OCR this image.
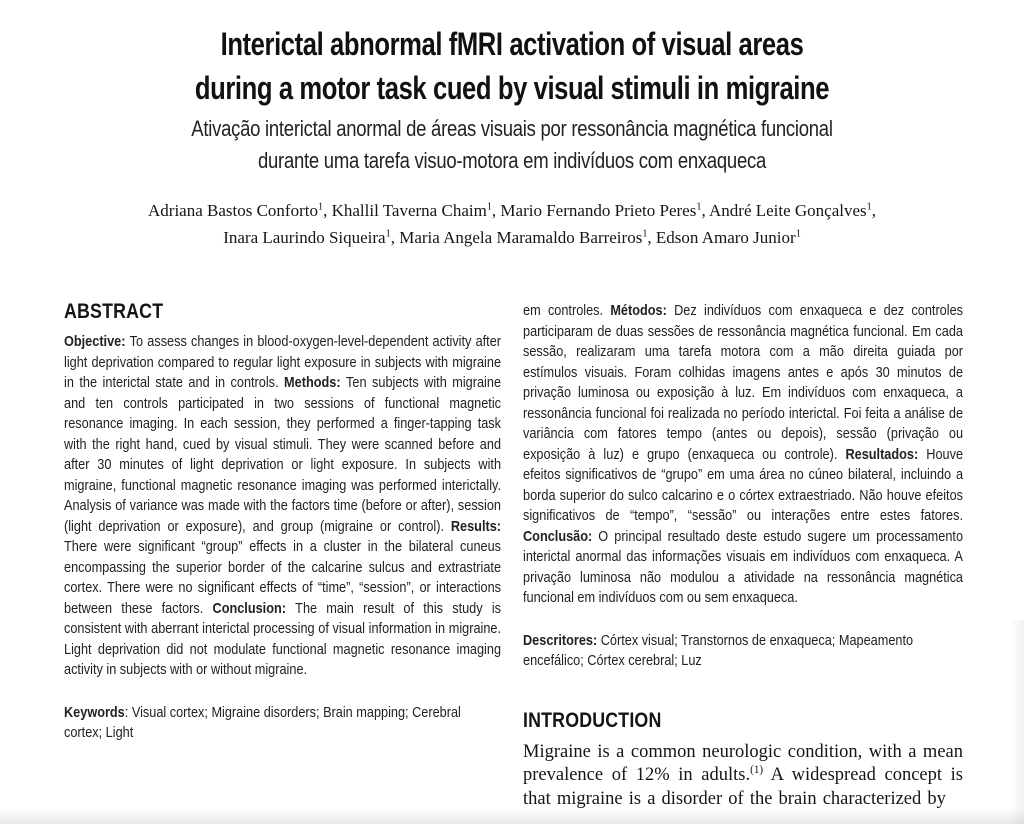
Interictal abnormal fMRI activation of visual areas
during a motor task cued by visual stimuli in migraine
Ativação interictal anormal de áreas visuais por ressonância magnética funcional
durante uma tarefa visuo-motora em indivíduos com enxaqueca
Adriana Bastos Conforto$^1$, Khallil Taverna Chaim$^1$, Mario Fernando Prieto Peres$^1$, André Leite Gonçalves$^1$,
Inara Laurindo Siqueira$^1$, Maria Angela Maramaldo Barreiros$^1$, Edson Amaro Junior$^1$
ABSTRACT

Objective: To assess changes in blood-oxygen-level-dependent activity after light deprivation compared to regular light exposure in subjects with migraine in the interictal state and in controls. Methods: Ten subjects with migraine and ten controls participated in two sessions of functional magnetic resonance imaging. In each session, they performed a finger-tapping task with the right hand, cued by visual stimuli. They were scanned before and after 30 minutes of light deprivation or light exposure. In subjects with migraine, functional magnetic resonance imaging was performed interictally. Analysis of variance was made with the factors time (before or after), session (light deprivation or exposure), and group (migraine or control). Results: There were significant “group” effects in a cluster in the bilateral cuneus encompassing the superior border of the calcarine sulcus and extrastriate cortex. There were no significant effects of “time”, “session”, or interactions between these factors. Conclusion: The main result of this study is consistent with aberrant interictal processing of visual information in migraine. Light deprivation did not modulate functional magnetic resonance imaging activity in subjects with or without migraine.

Keywords: Visual cortex; Migraine disorders; Brain mapping; Cerebral cortex; Light

em controles. Métodos: Dez indivíduos com enxaqueca e dez controles participaram de duas sessões de ressonância magnética funcional. Em cada sessão, realizaram uma tarefa motora com a mão direita guiada por estímulos visuais. Foram colhidas imagens antes e após 30 minutos de privação luminosa ou exposição à luz. Em indivíduos com enxaqueca, a ressonância funcional foi realizada no período interictal. Foi feita a análise de variância com fatores tempo (antes ou depois), sessão (privação ou exposição à luz) e grupo (enxaqueca ou controle). Resultados: Houve efeitos significativos de “grupo” em uma área no cúneo bilateral, incluindo a borda superior do sulco calcarino e o córtex extraestriado. Não houve efeitos significativos de “tempo”, “sessão” ou interações entre estes fatores. Conclusão: O principal resultado deste estudo sugere um processamento interictal anormal das informações visuais em indivíduos com enxaqueca. A privação luminosa não modulou a atividade na ressonância magnética funcional em indivíduos com ou sem enxaqueca.

Descritores: Córtex visual; Transtornos de enxaqueca; Mapeamento encefálico; Córtex cerebral; Luz

INTRODUCTION

Migraine is a common neurologic condition, with a mean prevalence of 12% in adults.$^{(1)}$ A widespread concept is that migraine is a disorder of the brain characterized by
